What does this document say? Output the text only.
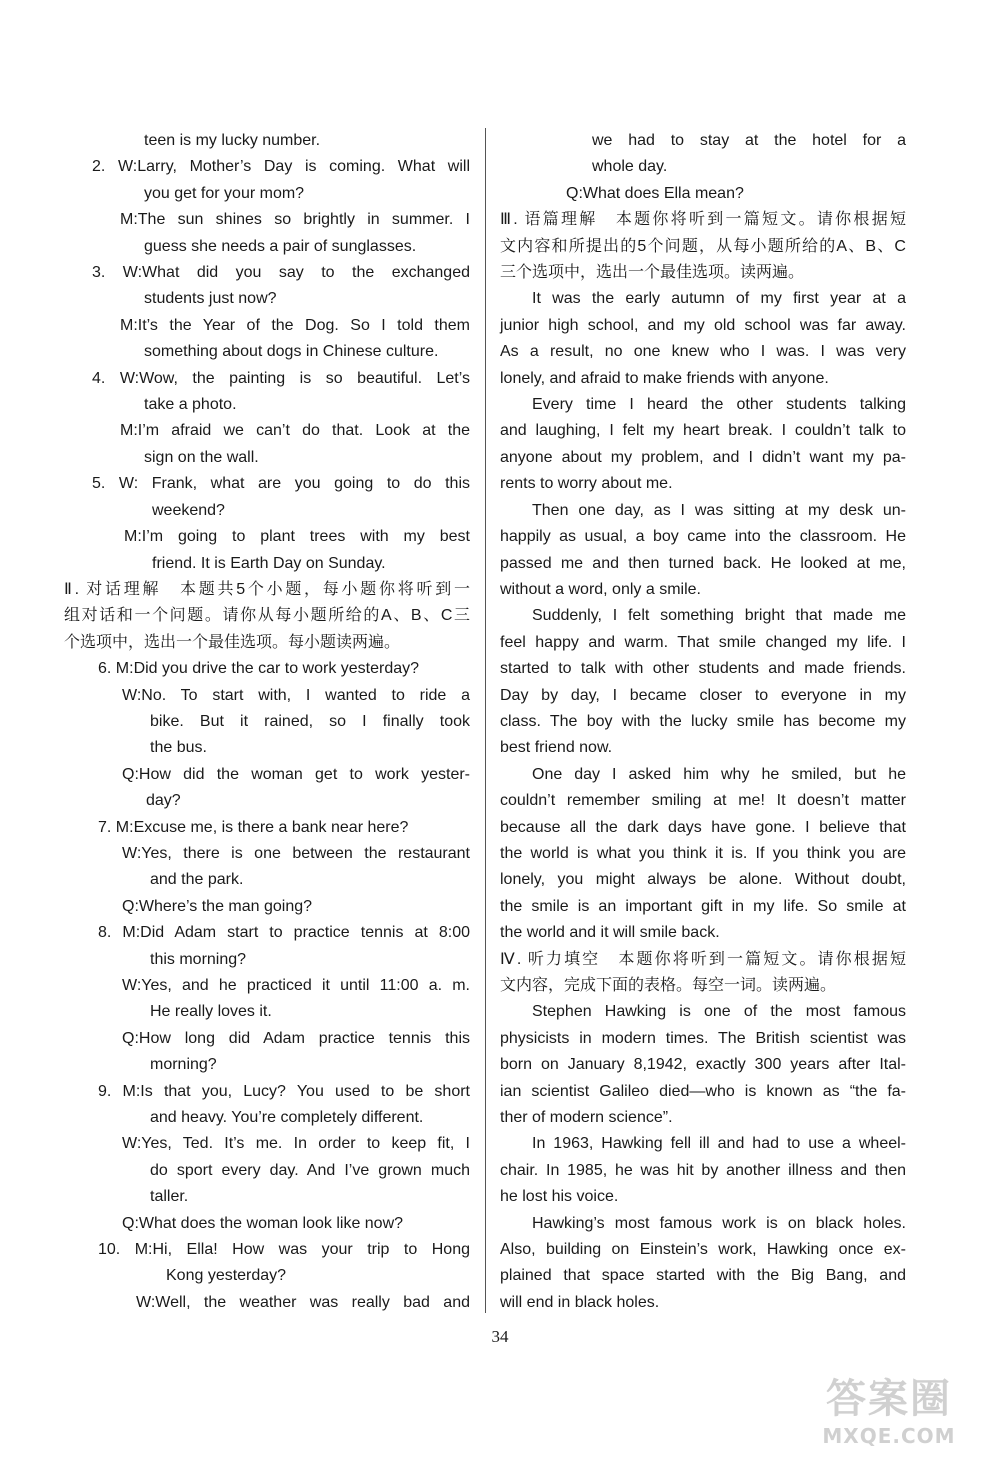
teen is my lucky number.
2. W:Larry, Mother’s Day is coming. What will
you get for your mom?
M:The sun shines so brightly in summer. I
guess she needs a pair of sunglasses.
3. W:What did you say to the exchanged
students just now?
M:It’s the Year of the Dog. So I told them
something about dogs in Chinese culture.
4. W:Wow, the painting is so beautiful. Let’s
take a photo.
M:I’m afraid we can’t do that. Look at the
sign on the wall.
5. W: Frank, what are you going to do this
weekend?
M:I’m going to plant trees with my best
friend. It is Earth Day on Sunday.
Ⅱ. 对话理解　本题共5个小题，每小题你将听到一
组对话和一个问题。请你从每小题所给的A、B、C三
个选项中，选出一个最佳选项。每小题读两遍。
6. M:Did you drive the car to work yesterday?
W:No. To start with, I wanted to ride a
bike. But it rained, so I finally took
the bus.
Q:How did the woman get to work yester-
day?
7. M:Excuse me, is there a bank near here?
W:Yes, there is one between the restaurant
and the park.
Q:Where’s the man going?
8. M:Did Adam start to practice tennis at 8:00
this morning?
W:Yes, and he practiced it until 11:00 a. m.
He really loves it.
Q:How long did Adam practice tennis this
morning?
9. M:Is that you, Lucy? You used to be short
and heavy. You’re completely different.
W:Yes, Ted. It’s me. In order to keep fit, I
do sport every day. And I’ve grown much
taller.
Q:What does the woman look like now?
10. M:Hi, Ella! How was your trip to Hong
Kong yesterday?
W:Well, the weather was really bad and
we had to stay at the hotel for a
whole day.
Q:What does Ella mean?
Ⅲ. 语篇理解　本题你将听到一篇短文。请你根据短
文内容和所提出的5个问题，从每小题所给的A、B、C
三个选项中，选出一个最佳选项。读两遍。
It was the early autumn of my first year at a
junior high school, and my old school was far away.
As a result, no one knew who I was. I was very
lonely, and afraid to make friends with anyone.
Every time I heard the other students talking
and laughing, I felt my heart break. I couldn’t talk to
anyone about my problem, and I didn’t want my pa-
rents to worry about me.
Then one day, as I was sitting at my desk un-
happily as usual, a boy came into the classroom. He
passed me and then turned back. He looked at me,
without a word, only a smile.
Suddenly, I felt something bright that made me
feel happy and warm. That smile changed my life. I
started to talk with other students and made friends.
Day by day, I became closer to everyone in my
class. The boy with the lucky smile has become my
best friend now.
One day I asked him why he smiled, but he
couldn’t remember smiling at me! It doesn’t matter
because all the dark days have gone. I believe that
the world is what you think it is. If you think you are
lonely, you might always be alone. Without doubt,
the smile is an important gift in my life. So smile at
the world and it will smile back.
Ⅳ. 听力填空　本题你将听到一篇短文。请你根据短
文内容，完成下面的表格。每空一词。读两遍。
Stephen Hawking is one of the most famous
physicists in modern times. The British scientist was
born on January 8,1942, exactly 300 years after Ital-
ian scientist Galileo died—who is known as “the fa-
ther of modern science”.
In 1963, Hawking fell ill and had to use a wheel-
chair. In 1985, he was hit by another illness and then
he lost his voice.
Hawking’s most famous work is on black holes.
Also, building on Einstein’s work, Hawking once ex-
plained that space started with the Big Bang, and
will end in black holes.
34
答案圈
MXQE.COM
